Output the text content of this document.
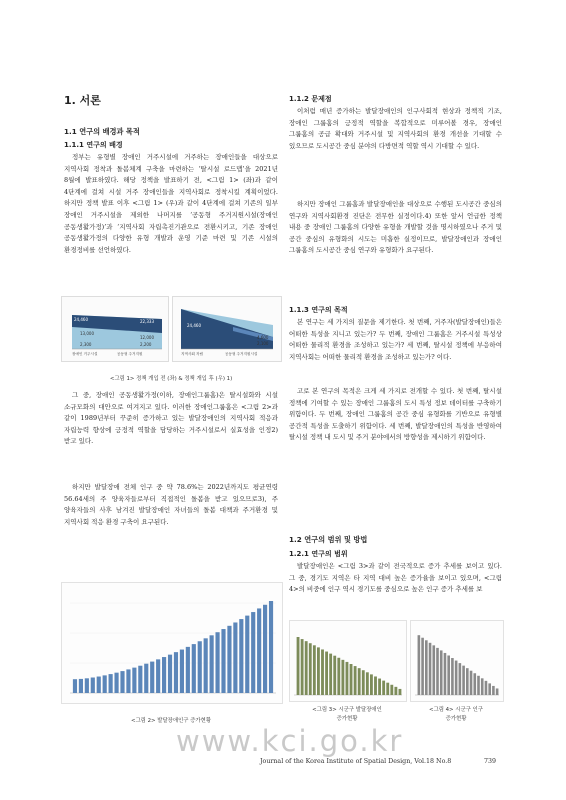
1. 서론
1.1 연구의 배경과 목적
1.1.1 연구의 배경

정부는 유형별 장애인 거주시설에 거주하는 장애인들을 대상으로 지역사회 정착과 돌봄체계 구축을 마련하는 ‘탈시설 로드맵’을 2021년 8월에 발표하였다. 해당 정책을 발표하기 전, <그림 1> (좌)과 같이 4단계에 걸쳐 시설 거주 장애인들을 지역사회로 정착시킬 계획이었다. 하지만 정책 발표 이후 <그림 1> (우)과 같이 4단계에 걸쳐 기존의 일부 장애인 거주시설을 제외한 나머지를 ‘공동형 주거지원시설(장애인 공동생활가정)’과 ‘지역사회 자립촉진기관으로 전환시키고, 기존 장애인 공동생활가정의 다양한 유형 개발과 운영 기준 마련 및 기존 시설의 환경정비를 선언하였다.

24,460	22,333
13,000
12,000
2,300	2,200
장애인 거주시설	공동형 주거지원
24,460
4,600
2,100
지역사회 자립	공동형 주거지원시설
<그림 1> 정책 개입 전 (좌) & 정책 개입 후 (우) 1)

그 중, 장애인 공동생활가정(이하, 장애인그룹홈)은 탈시설화와 시설 소규모화의 대안으로 여겨지고 있다. 이러한 장애인그룹홈은 <그림 2>과 같이 1989년부터 꾸준히 증가하고 있는 발달장애인의 지역사회 적응과 자립능력 향상에 긍정적 역할을 담당하는 거주시설로서 실효성을 인정2)받고 있다.

하지만 발달장애 전체 인구 중 약 78.6%는 2022년까지도 평균연령 56.64세의 주 양육자들로부터 직접적인 돌봄을 받고 있으므로3), 주 양육자들의 사후 남겨진 발달장애인 자녀들의 돌봄 대책과 주거환경 및 지역사회 적응 환경 구축이 요구된다.

<그림 2> 발달장애인구 증가현황
1.1.2 문제점

이처럼 매년 증가하는 발달장애인의 인구사회적 현상과 정책적 기조, 장애인 그룹홈의 긍정적 역할을 복합적으로 미루어볼 경우, 장애인 그룹홈의 공급 확대와 거주시설 및 지역사회의 환경 개선을 기대할 수 있으므로 도시공간 중심 분야의 다방면적 역할 역시 기대할 수 있다.

하지만 장애인 그룹홈과 발달장애인을 대상으로 수행된 도시공간 중심의 연구와 지역사회환경 진단은 전무한 실정이다.4) 또한 앞서 언급한 정책 내용 중 장애인 그룹홈의 다양한 유형을 개발할 것을 명시하였으나 주거 및 공간 중심의 유형화의 시도는 미흡한 실정이므로, 발달장애인과 장애인 그룹홈의 도시공간 중심 연구와 유형화가 요구된다.

1.1.3 연구의 목적

본 연구는 세 가지의 질문을 제기한다. 첫 번째, 거주자(발달장애인)들은 어떠한 특성을 지니고 있는가? 두 번째, 장애인 그룹홈은 거주시설 특성상 어떠한 물리적 환경을 조성하고 있는가? 세 번째, 탈시설 정책에 부응하여 지역사회는 어떠한 물리적 환경을 조성하고 있는가? 이다.

고로 본 연구의 목적은 크게 세 가지로 전개할 수 있다. 첫 번째, 탈시설 정책에 기여할 수 있는 장애인 그룹홈의 도시 특성 정보 데이터를 구축하기 위함이다. 두 번째, 장애인 그룹홈의 공간 중심 유형화를 기반으로 유형별 공간적 특성을 도출하기 위함이다. 세 번째, 발달장애인의 특성을 반영하여 탈시설 정책 내 도시 및 주거 분야에서의 방향성을 제시하기 위함이다.

1.2 연구의 범위 및 방법
1.2.1 연구의 범위

발달장애인은 <그림 3>과 같이 전국적으로 증가 추세를 보이고 있다. 그 중, 경기도 지역은 타 지역 대비 높은 증가율을 보이고 있으며, <그림 4>의 비중에 인구 역시 경기도를 중심으로 높은 인구 증가 추세를 보

<그림 3> 시군구 발달장애인
증가현황
<그림 4> 시군구 인구
증가현황
www.kci.go.kr
Journal of the Korea Institute of Spatial Design, Vol.18 No.8	739
